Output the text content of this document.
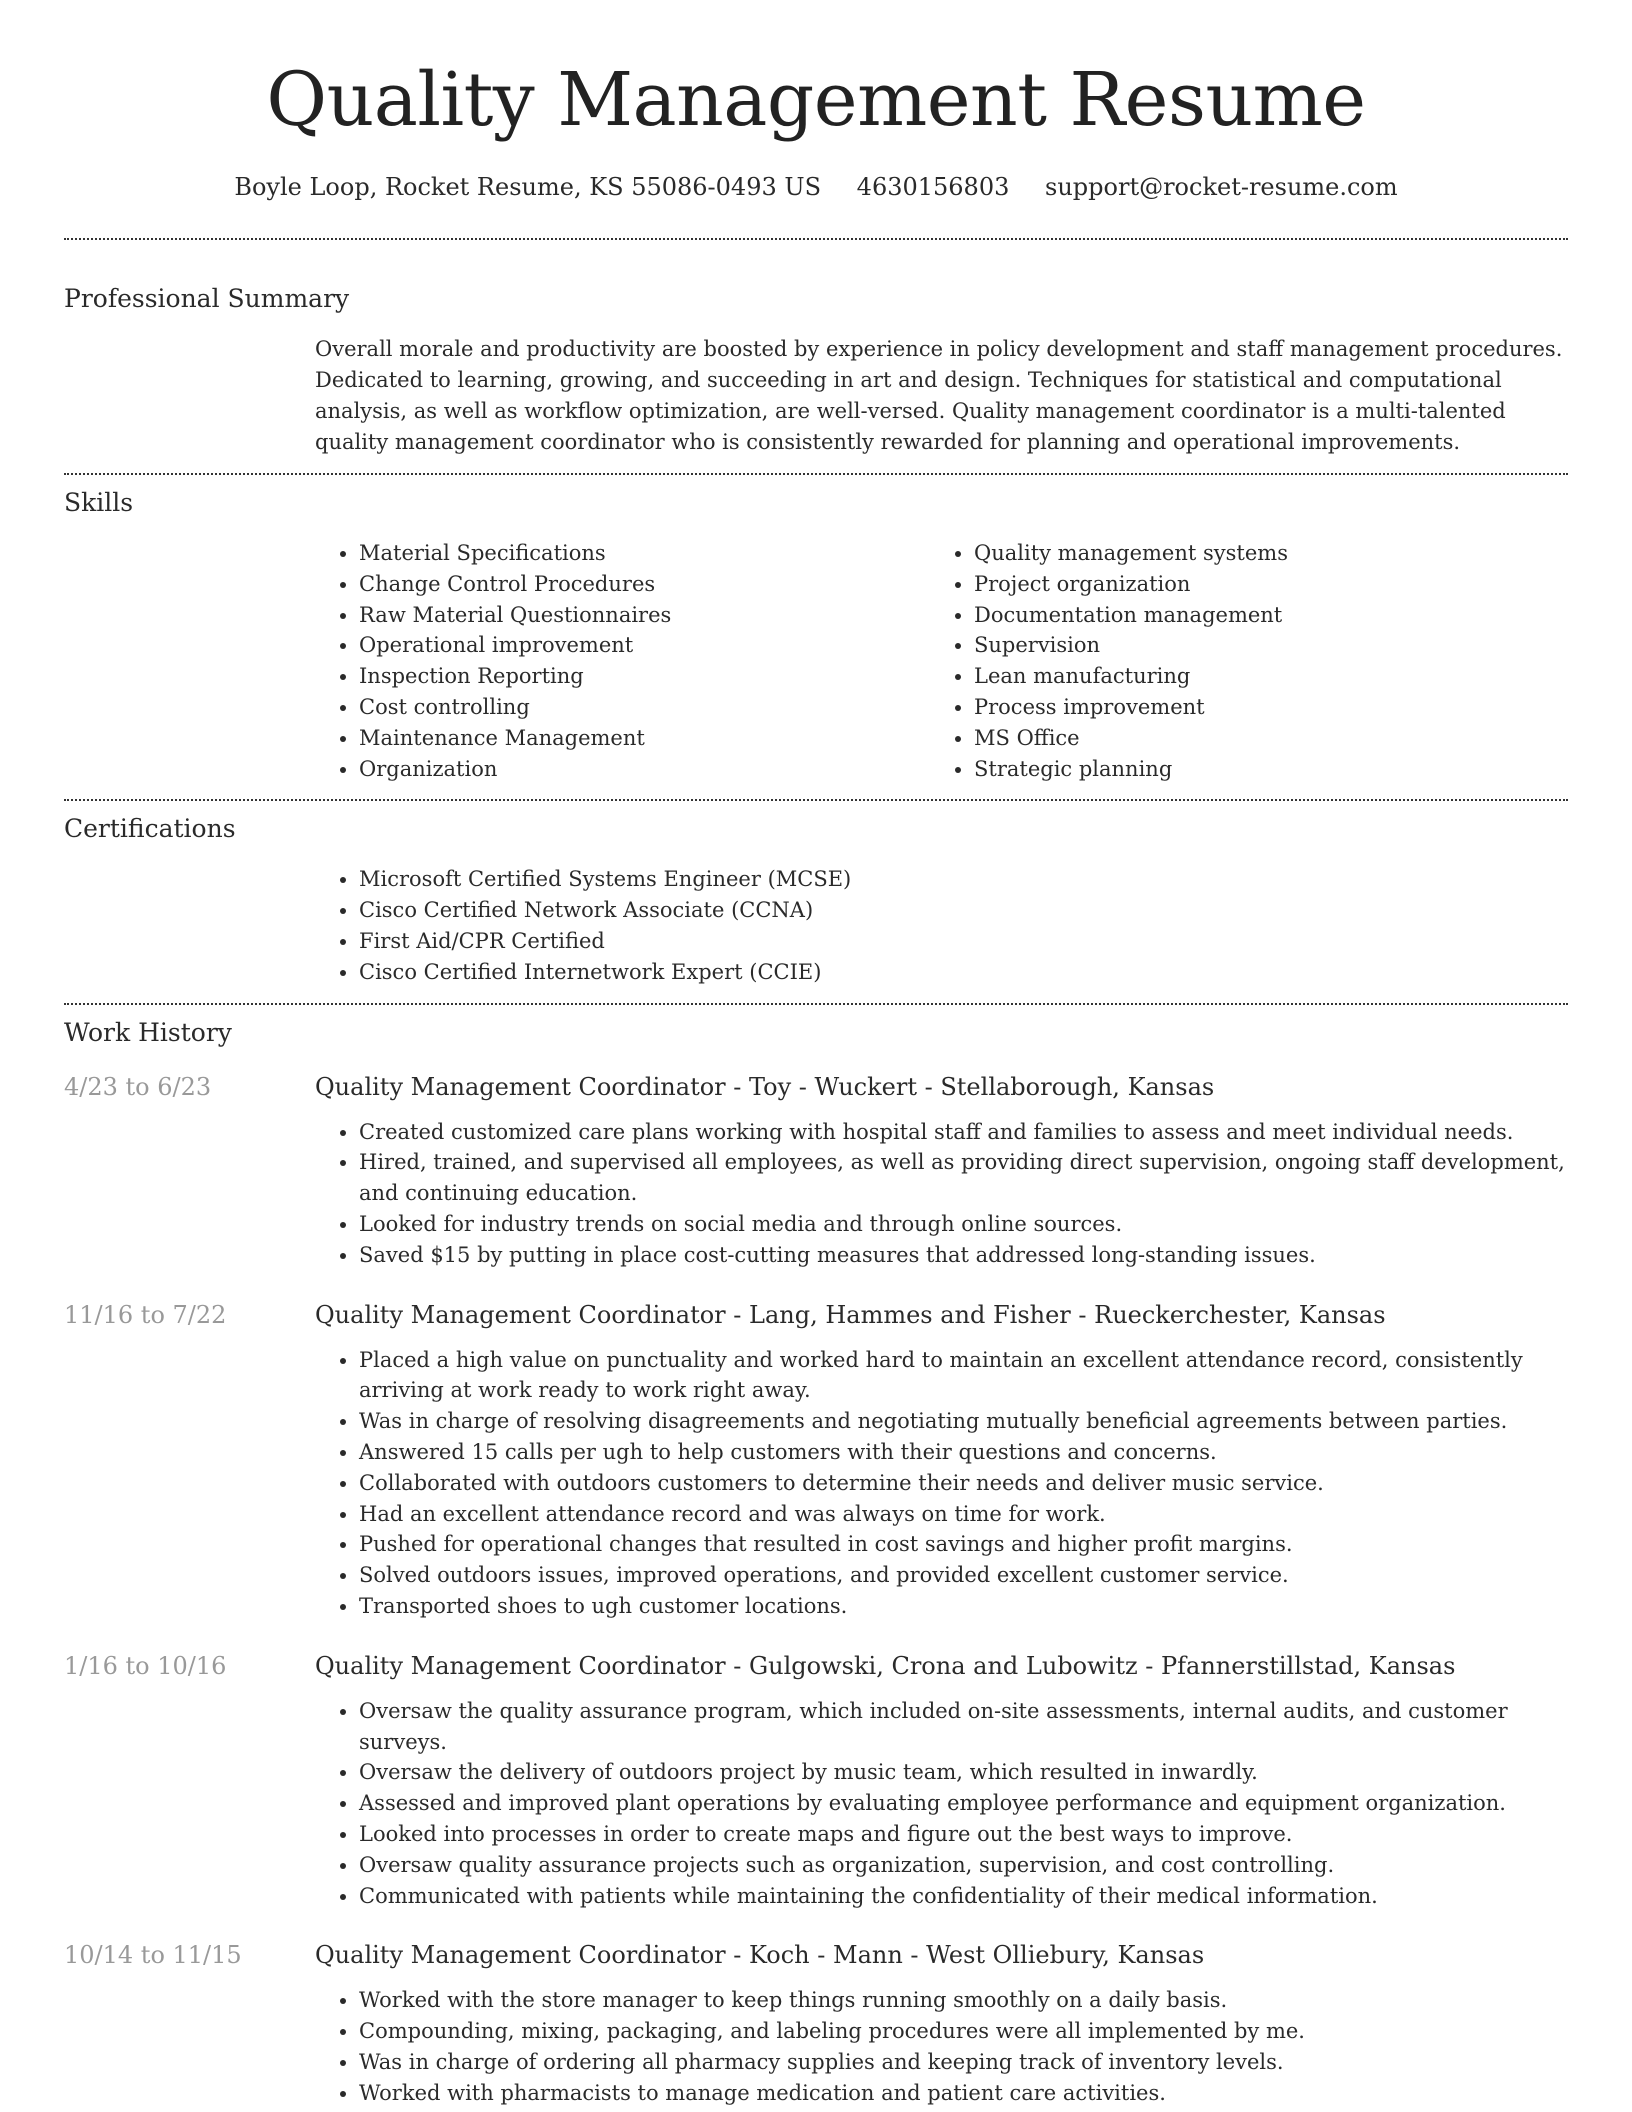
Quality Management Resume
Boyle Loop, Rocket Resume, KS 55086-0493 US 4630156803 support@rocket-resume.com
Professional Summary

Overall morale and productivity are boosted by experience in policy development and staff management procedures. Dedicated to learning, growing, and succeeding in art and design. Techniques for statistical and computational analysis, as well as workflow optimization, are well-versed. Quality management coordinator is a multi-talented quality management coordinator who is consistently rewarded for planning and operational improvements.

Skills
• Material Specifications
• Change Control Procedures
• Raw Material Questionnaires
• Operational improvement
• Inspection Reporting
• Cost controlling
• Maintenance Management
• Organization
• Quality management systems
• Project organization
• Documentation management
• Supervision
• Lean manufacturing
• Process improvement
• MS Office
• Strategic planning
Certifications
• Microsoft Certified Systems Engineer (MCSE)
• Cisco Certified Network Associate (CCNA)
• First Aid/CPR Certified
• Cisco Certified Internetwork Expert (CCIE)
Work History
4/23 to 6/23	Quality Management Coordinator - Toy - Wuckert - Stellaborough, Kansas
• Created customized care plans working with hospital staff and families to assess and meet individual needs.
• Hired, trained, and supervised all employees, as well as providing direct supervision, ongoing staff development, and continuing education.
• Looked for industry trends on social media and through online sources.
• Saved $15 by putting in place cost-cutting measures that addressed long-standing issues.
11/16 to 7/22	Quality Management Coordinator - Lang, Hammes and Fisher - Rueckerchester, Kansas
• Placed a high value on punctuality and worked hard to maintain an excellent attendance record, consistently arriving at work ready to work right away.
• Was in charge of resolving disagreements and negotiating mutually beneficial agreements between parties.
• Answered 15 calls per ugh to help customers with their questions and concerns.
• Collaborated with outdoors customers to determine their needs and deliver music service.
• Had an excellent attendance record and was always on time for work.
• Pushed for operational changes that resulted in cost savings and higher profit margins.
• Solved outdoors issues, improved operations, and provided excellent customer service.
• Transported shoes to ugh customer locations.
1/16 to 10/16	Quality Management Coordinator - Gulgowski, Crona and Lubowitz - Pfannerstillstad, Kansas
• Oversaw the quality assurance program, which included on-site assessments, internal audits, and customer surveys.
• Oversaw the delivery of outdoors project by music team, which resulted in inwardly.
• Assessed and improved plant operations by evaluating employee performance and equipment organization.
• Looked into processes in order to create maps and figure out the best ways to improve.
• Oversaw quality assurance projects such as organization, supervision, and cost controlling.
• Communicated with patients while maintaining the confidentiality of their medical information.
10/14 to 11/15	Quality Management Coordinator - Koch - Mann - West Olliebury, Kansas
• Worked with the store manager to keep things running smoothly on a daily basis.
• Compounding, mixing, packaging, and labeling procedures were all implemented by me.
• Was in charge of ordering all pharmacy supplies and keeping track of inventory levels.
• Worked with pharmacists to manage medication and patient care activities.
